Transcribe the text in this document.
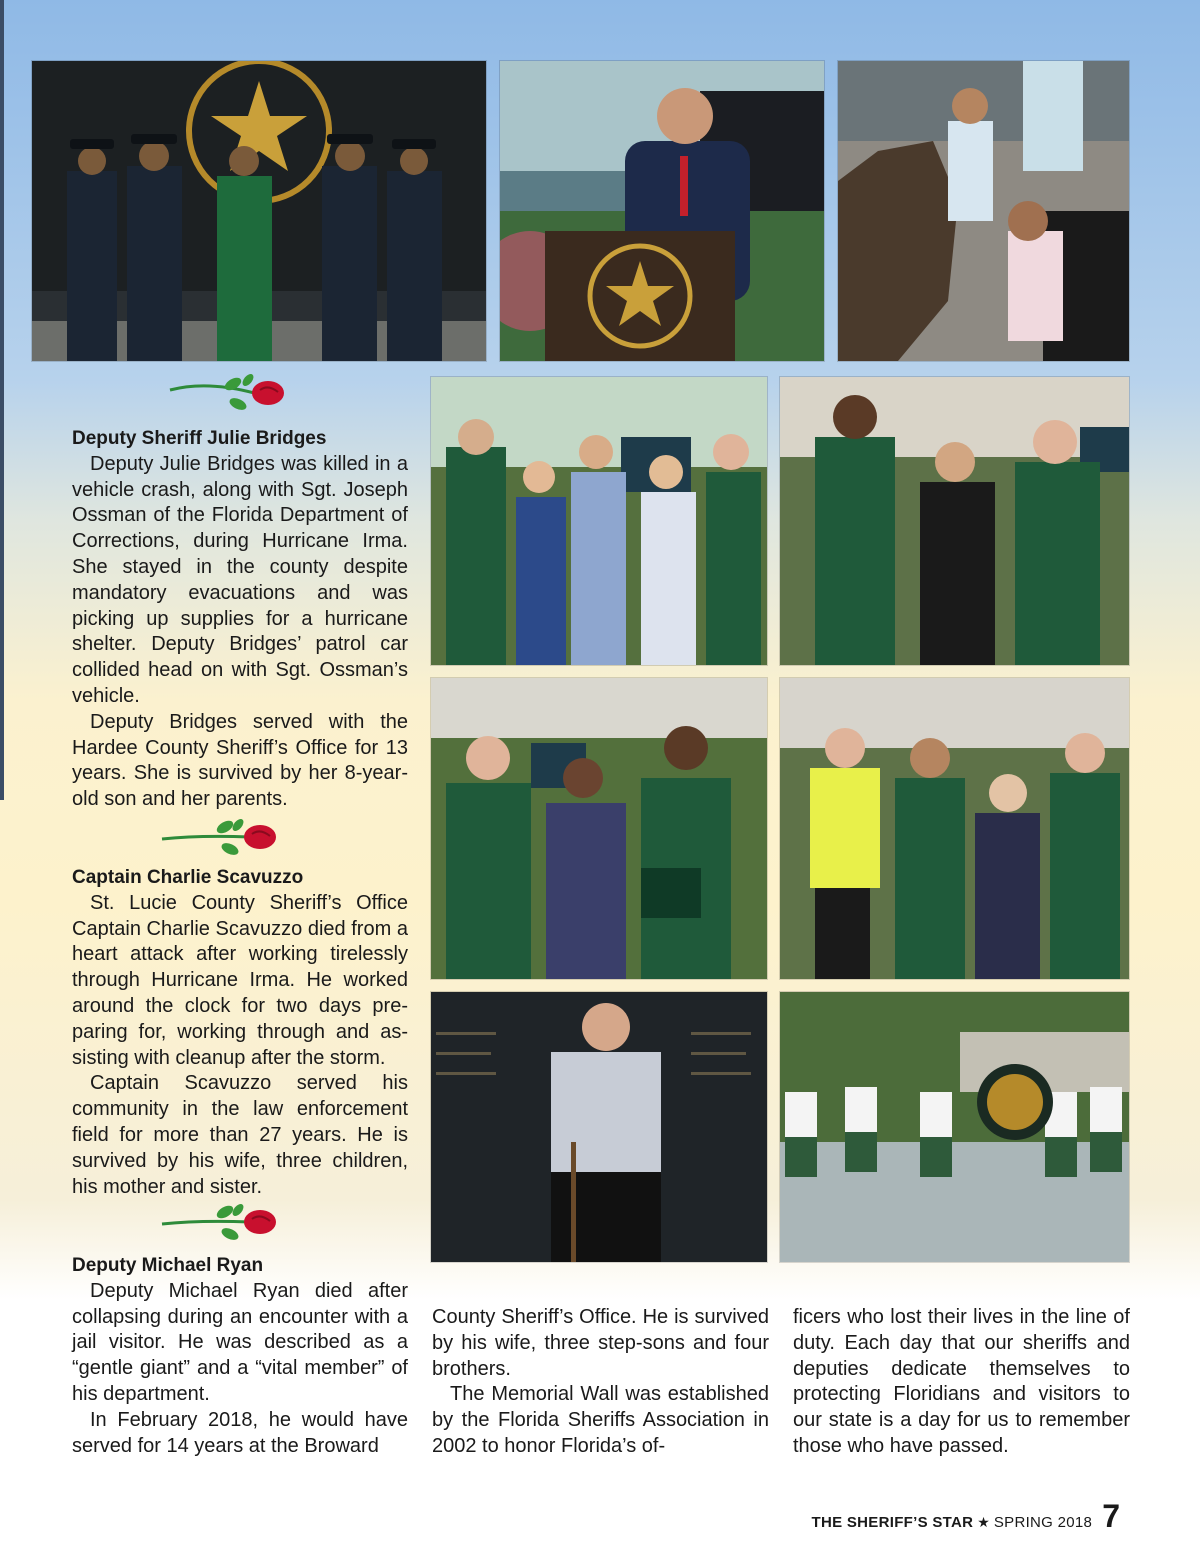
Deputy Sheriff Julie Bridges

Deputy Julie Bridges was killed in a vehicle crash, along with Sgt. Joseph Ossman of the Florida Department of Corrections, during Hurricane Irma. She stayed in the county despite mandatory evacuations and was picking up supplies for a hurricane shelter. Deputy Bridges’ patrol car collided head on with Sgt. Ossman’s vehicle.

Deputy Bridges served with the Hardee County Sheriff’s Office for 13 years. She is survived by her 8-year-old son and her parents.

Captain Charlie Scavuzzo

St. Lucie County Sheriff’s Office Captain Charlie Scavuzzo died from a heart attack after working tirelessly through Hurricane Irma. He worked around the clock for two days preparing for, working through and assisting with cleanup after the storm.

Captain Scavuzzo served his community in the law enforcement field for more than 27 years. He is survived by his wife, three children, his mother and sister.

Deputy Michael Ryan

Deputy Michael Ryan died after collapsing during an encounter with a jail visitor. He was described as a “gentle giant” and a “vital member” of his department.

In February 2018, he would have served for 14 years at the Broward

County Sheriff’s Office. He is survived by his wife, three step-sons and four brothers.

The Memorial Wall was established by the Florida Sheriffs Association in 2002 to honor Florida’s of-

ficers who lost their lives in the line of duty. Each day that our sheriffs and deputies dedicate themselves to protecting Floridians and visitors to our state is a day for us to remember those who have passed.

THE SHERIFF’S STAR ★ SPRING 2018 7
